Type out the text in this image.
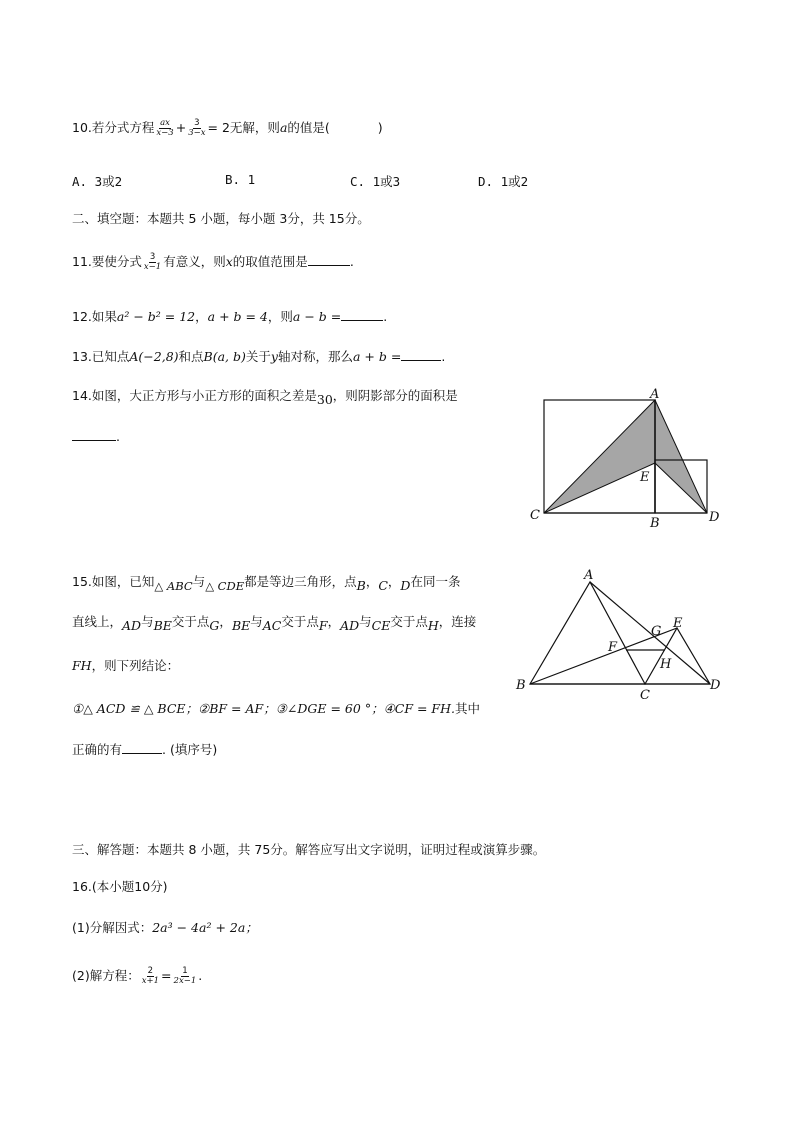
10.若分式方程 $\frac{ax}{x-3} + \frac{3}{3-x} = 2$无解，则a的值是(	)
A. 3或2	B. 1	C. 1或3	D. 1或2
二、填空题：本题共 5 小题，每小题 3分，共 15分。
11.要使分式 $\frac{3}{x-1}$ 有意义，则x的取值范围是	.
12.如果a² − b² = 12，a + b = 4，则a − b =	.
13.已知点A(−2,8)和点B(a, b)关于y轴对称，那么a + b =	.
14.如图，大正方形与小正方形的面积之差是30，则阴影部分的面积是
.
A
E
C
B	D
15.如图，已知△ ABC与△ CDE都是等边三角形，点B，C，D在同一条
直线上，AD与BE交于点G，BE与AC交于点F，AD与CE交于点H，连接
FH，则下列结论：
①△ ACD ≌ △ BCE；②BF = AF；③∠DGE = 60 °；④CF = FH.其中
正确的有	. (填序号)
A
B
C
D
E
F
G
H
三、解答题：本题共 8 小题，共 75分。解答应写出文字说明，证明过程或演算步骤。
16.(本小题10分)
(1)分解因式：2a³ − 4a² + 2a；
(2)解方程： $\frac{2}{x+1} = \frac{1}{2x-1}$ .
